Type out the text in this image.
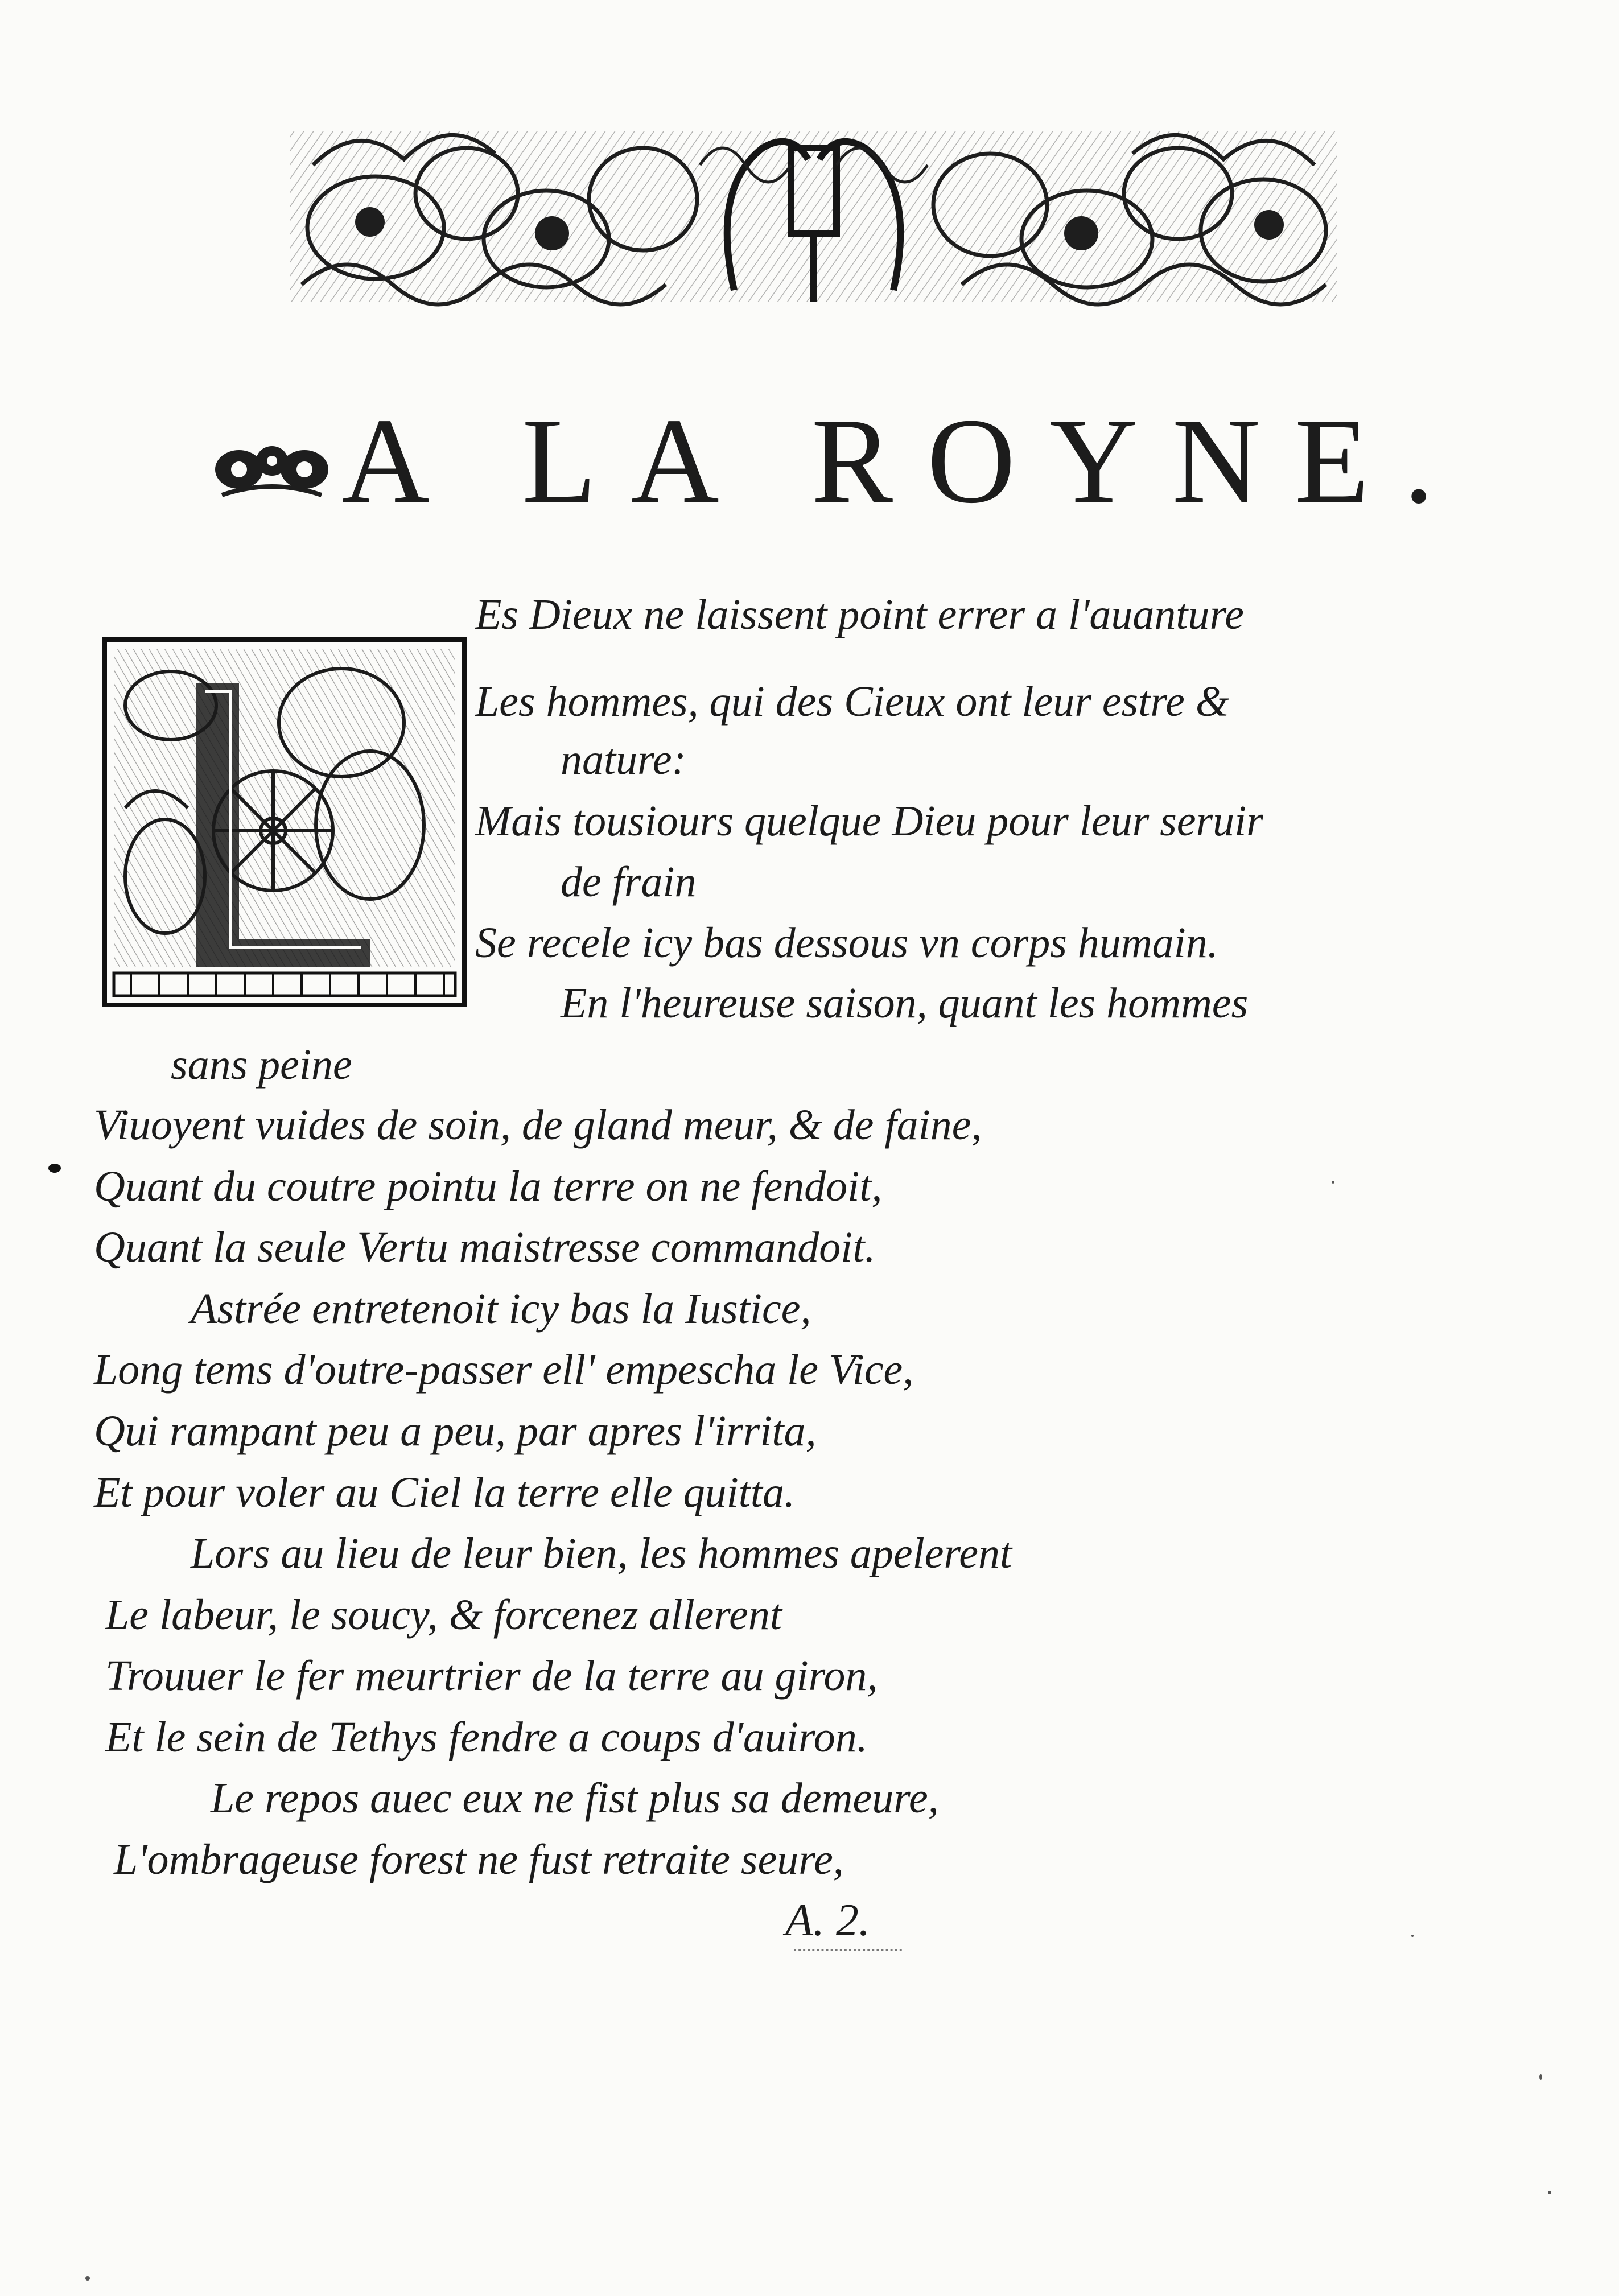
A LA ROYNE.
Es Dieux ne laissent point errer a l'auanture
Les hommes, qui des Cieux ont leur estre &
nature:
Mais tousiours quelque Dieu pour leur seruir
de frain
Se recele icy bas dessous vn corps humain.
En l'heureuse saison, quant les hommes
sans peine
Viuoyent vuides de soin, de gland meur, & de faine,
Quant du coutre pointu la terre on ne fendoit,
Quant la seule Vertu maistresse commandoit.
Astrée entretenoit icy bas la Iustice,
Long tems d'outre-passer ell' empescha le Vice,
Qui rampant peu a peu, par apres l'irrita,
Et pour voler au Ciel la terre elle quitta.
Lors au lieu de leur bien, les hommes apelerent
Le labeur, le soucy, & forcenez allerent
Trouuer le fer meurtrier de la terre au giron,
Et le sein de Tethys fendre a coups d'auiron.
Le repos auec eux ne fist plus sa demeure,
L'ombrageuse forest ne fust retraite seure,
A. 2.
